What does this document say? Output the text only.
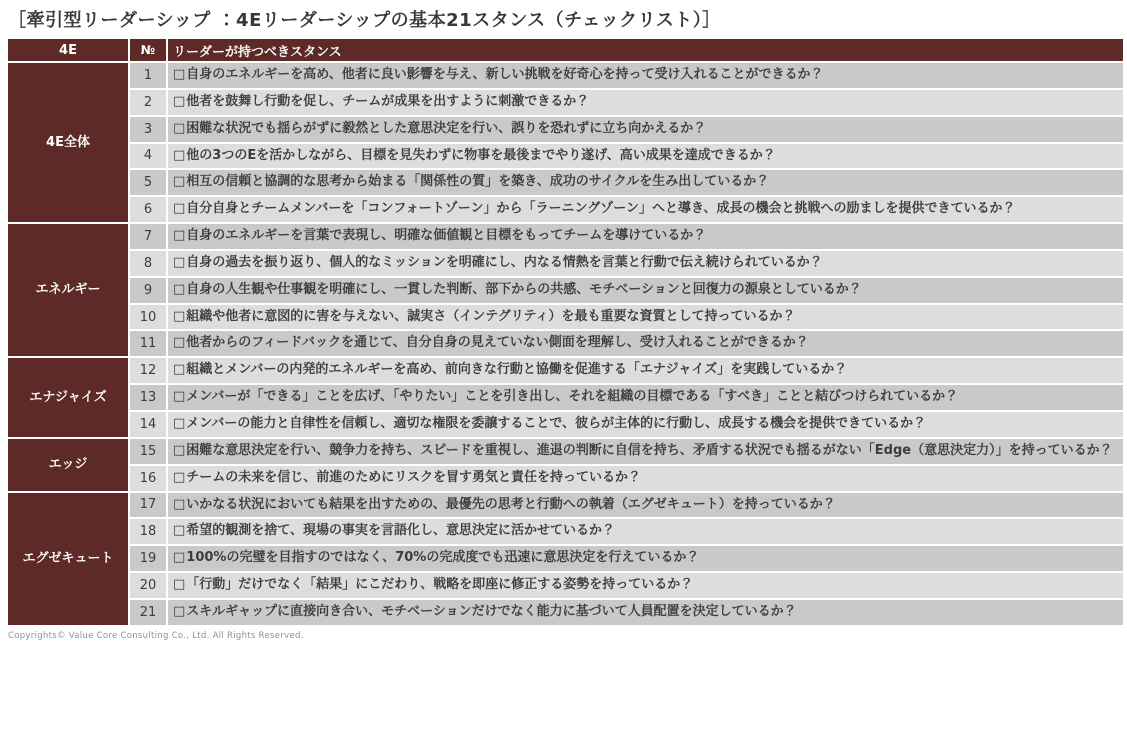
［牽引型リーダーシップ ：4Eリーダーシップの基本21スタンス（チェックリスト）］
4E	№	リーダーが持つべきスタンス
4E全体	1	□自身のエネルギーを高め、他者に良い影響を与え、新しい挑戦を好奇心を持って受け入れることができるか？
	2	□他者を鼓舞し行動を促し、チームが成果を出すように刺激できるか？
	3	□困難な状況でも揺らがずに毅然とした意思決定を行い、誤りを恐れずに立ち向かえるか？
	4	□他の3つのEを活かしながら、目標を見失わずに物事を最後までやり遂げ、高い成果を達成できるか？
	5	□相互の信頼と協調的な思考から始まる「関係性の質」を築き、成功のサイクルを生み出しているか？
	6	□自分自身とチームメンバーを「コンフォートゾーン」から「ラーニングゾーン」へと導き、成長の機会と挑戦への励ましを提供できているか？
エネルギー	7	□自身のエネルギーを言葉で表現し、明確な価値観と目標をもってチームを導けているか？
	8	□自身の過去を振り返り、個人的なミッションを明確にし、内なる情熱を言葉と行動で伝え続けられているか？
	9	□自身の人生観や仕事観を明確にし、一貫した判断、部下からの共感、モチベーションと回復力の源泉としているか？
	10	□組織や他者に意図的に害を与えない、誠実さ（インテグリティ）を最も重要な資質として持っているか？
	11	□他者からのフィードバックを通じて、自分自身の見えていない側面を理解し、受け入れることができるか？
エナジャイズ	12	□組織とメンバーの内発的エネルギーを高め、前向きな行動と協働を促進する「エナジャイズ」を実践しているか？
	13	□メンバーが「できる」ことを広げ、「やりたい」ことを引き出し、それを組織の目標である「すべき」ことと結びつけられているか？
	14	□メンバーの能力と自律性を信頼し、適切な権限を委譲することで、彼らが主体的に行動し、成長する機会を提供できているか？
エッジ	15	□困難な意思決定を行い、競争力を持ち、スピードを重視し、進退の判断に自信を持ち、矛盾する状況でも揺るがない「Edge（意思決定力）」を持っているか？
	16	□チームの未来を信じ、前進のためにリスクを冒す勇気と責任を持っているか？
エグゼキュート	17	□いかなる状況においても結果を出すための、最優先の思考と行動への執着（エグゼキュート）を持っているか？
	18	□希望的観測を捨て、現場の事実を言語化し、意思決定に活かせているか？
	19	□100%の完璧を目指すのではなく、70%の完成度でも迅速に意思決定を行えているか？
	20	□「行動」だけでなく「結果」にこだわり、戦略を即座に修正する姿勢を持っているか？
	21	□スキルギャップに直接向き合い、モチベーションだけでなく能力に基づいて人員配置を決定しているか？
Copyrights© Value Core Consulting Co., Ltd. All Rights Reserved.
